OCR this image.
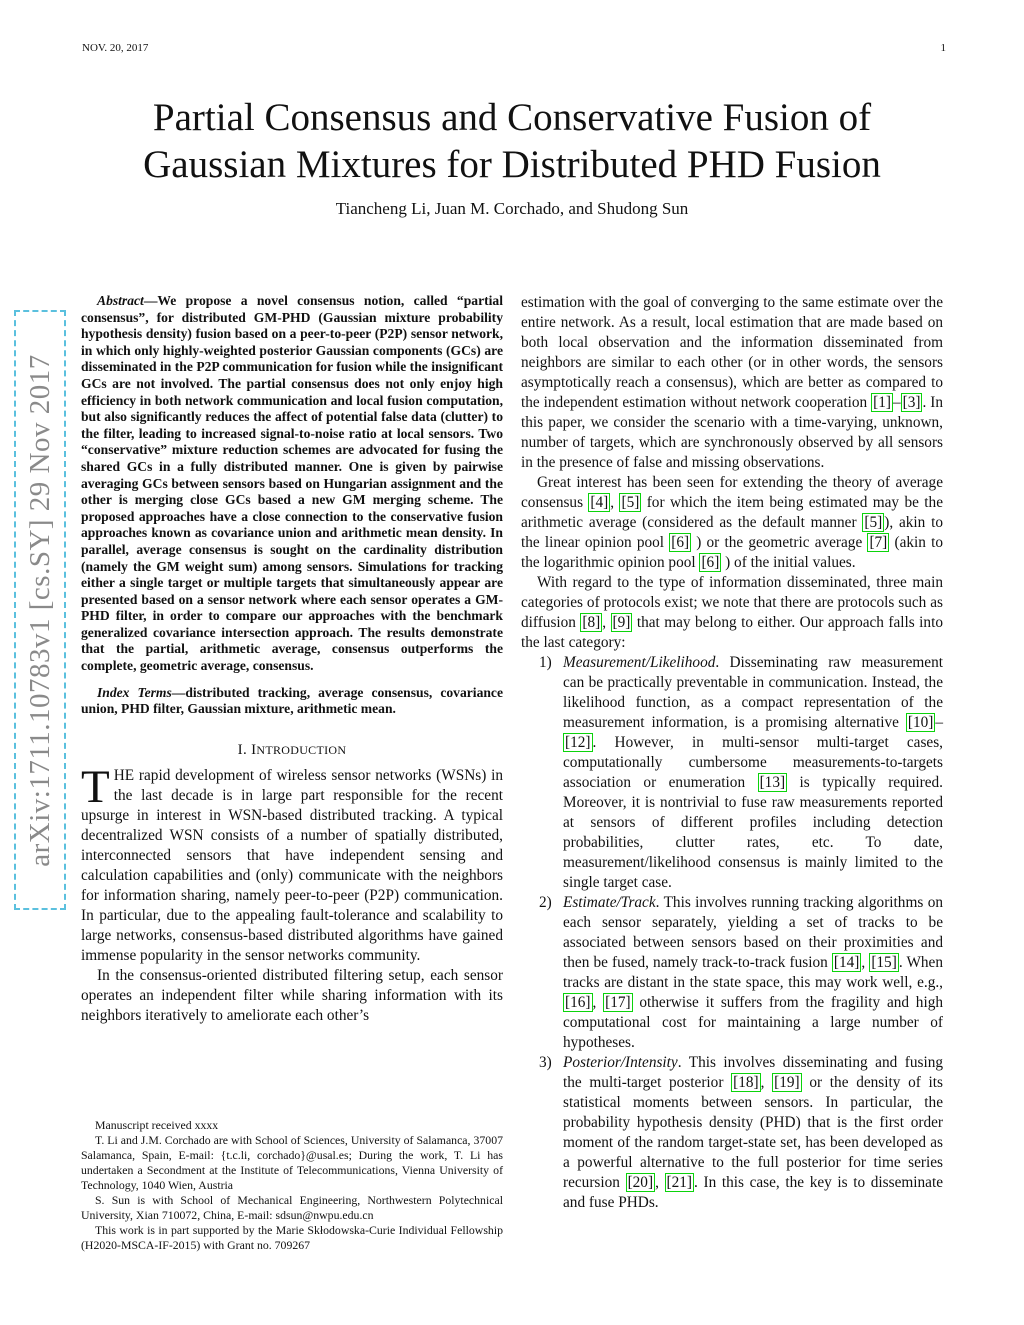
NOV. 20, 2017	1
Partial Consensus and Conservative Fusion of
Gaussian Mixtures for Distributed PHD Fusion
Tiancheng Li, Juan M. Corchado, and Shudong Sun
arXiv:1711.10783v1 [cs.SY] 29 Nov 2017

Abstract—We propose a novel consensus notion, called “partial consensus”, for distributed GM-PHD (Gaussian mixture probability hypothesis density) fusion based on a peer-to-peer (P2P) sensor network, in which only highly-weighted posterior Gaussian components (GCs) are disseminated in the P2P communication for fusion while the insignificant GCs are not involved. The partial consensus does not only enjoy high efficiency in both network communication and local fusion computation, but also significantly reduces the affect of potential false data (clutter) to the filter, leading to increased signal-to-noise ratio at local sensors. Two “conservative” mixture reduction schemes are advocated for fusing the shared GCs in a fully distributed manner. One is given by pairwise averaging GCs between sensors based on Hungarian assignment and the other is merging close GCs based a new GM merging scheme. The proposed approaches have a close connection to the conservative fusion approaches known as covariance union and arithmetic mean density. In parallel, average consensus is sought on the cardinality distribution (namely the GM weight sum) among sensors. Simulations for tracking either a single target or multiple targets that simultaneously appear are presented based on a sensor network where each sensor operates a GM-PHD filter, in order to compare our approaches with the benchmark generalized covariance intersection approach. The results demonstrate that the partial, arithmetic average, consensus outperforms the complete, geometric average, consensus.

Index Terms—distributed tracking, average consensus, covariance union, PHD filter, Gaussian mixture, arithmetic mean.

I. INTRODUCTION

THE rapid development of wireless sensor networks (WSNs) in the last decade is in large part responsible for the recent upsurge in interest in WSN-based distributed tracking. A typical decentralized WSN consists of a number of spatially distributed, interconnected sensors that have independent sensing and calculation capabilities and (only) communicate with the neighbors for information sharing, namely peer-to-peer (P2P) communication. In particular, due to the appealing fault-tolerance and scalability to large networks, consensus-based distributed algorithms have gained immense popularity in the sensor networks community.

In the consensus-oriented distributed filtering setup, each sensor operates an independent filter while sharing information with its neighbors iteratively to ameliorate each other’s

Manuscript received xxxx

T. Li and J.M. Corchado are with School of Sciences, University of Salamanca, 37007 Salamanca, Spain, E-mail: {t.c.li, corchado}@usal.es; During the work, T. Li has undertaken a Secondment at the Institute of Telecommunications, Vienna University of Technology, 1040 Wien, Austria

S. Sun is with School of Mechanical Engineering, Northwestern Polytechnical University, Xian 710072, China, E-mail: sdsun@nwpu.edu.cn

This work is in part supported by the Marie Skłodowska-Curie Individual Fellowship (H2020-MSCA-IF-2015) with Grant no. 709267

estimation with the goal of converging to the same estimate over the entire network. As a result, local estimation that are made based on both local observation and the information disseminated from neighbors are similar to each other (or in other words, the sensors asymptotically reach a consensus), which are better as compared to the independent estimation without network cooperation [1] – [3] . In this paper, we consider the scenario with a time-varying, unknown, number of targets, which are synchronously observed by all sensors in the presence of false and missing observations.

Great interest has been seen for extending the theory of average consensus [4] , [5] for which the item being estimated may be the arithmetic average (considered as the default manner [5] ), akin to the linear opinion pool [6] ) or the geometric average [7] (akin to the logarithmic opinion pool [6] ) of the initial values.

With regard to the type of information disseminated, three main categories of protocols exist; we note that there are protocols such as diffusion [8] , [9] that may belong to either. Our approach falls into the last category:

1) Measurement/Likelihood. Disseminating raw measurement can be practically preventable in communication. Instead, the likelihood function, as a compact representation of the measurement information, is a promising alternative [10] –[12] . However, in multi-sensor multi-target cases, computationally cumbersome measurements-to-targets association or enumeration [13] is typically required. Moreover, it is nontrivial to fuse raw measurements reported at sensors of different profiles including detection probabilities, clutter rates, etc. To date, measurement/likelihood consensus is mainly limited to the single target case.
2) Estimate/Track. This involves running tracking algorithms on each sensor separately, yielding a set of tracks to be associated between sensors based on their proximities and then be fused, namely track-to-track fusion [14] , [15] . When tracks are distant in the state space, this may work well, e.g., [16] , [17] otherwise it suffers from the fragility and high computational cost for maintaining a large number of hypotheses.
3) Posterior/Intensity. This involves disseminating and fusing the multi-target posterior [18] , [19] or the density of its statistical moments between sensors. In particular, the probability hypothesis density (PHD) that is the first order moment of the random target-state set, has been developed as a powerful alternative to the full posterior for time series recursion [20] , [21] . In this case, the key is to disseminate and fuse PHDs.
